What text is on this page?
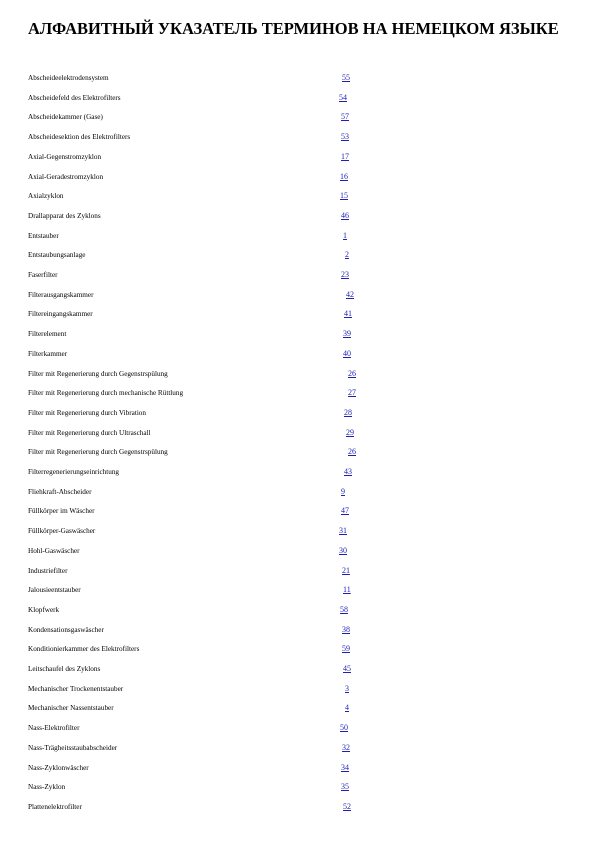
АЛФАВИТНЫЙ УКАЗАТЕЛЬ ТЕРМИНОВ НА НЕМЕЦКОМ ЯЗЫКЕ
Abscheideelektrodensystem	55
Abscheidefeld des Elektrofilters	54
Abscheidekammer (Gase)	57
Abscheidesektion des Elektrofilters	53
Axial-Gegenstromzyklon	17
Axial-Geradestromzyklon	16
Axialzyklon	15
Drallapparat des Zyklons	46
Entstauber	1
Entstaubungsanlage	2
Faserfilter	23
Filterausgangskammer	42
Filtereingangskammer	41
Filterelement	39
Filterkammer	40
Filter mit Regenerierung durch Gegenstrspülung	26
Filter mit Regenerierung durch mechanische Rüttlung	27
Filter mit Regenerierung durch Vibration	28
Filter mit Regenerierung durch Ultraschall	29
Filter mit Regenerierung durch Gegenstrspülung	26
Filterregenerierungseinrichtung	43
Fliehkraft-Abscheider	9
Füllkörper im Wäscher	47
Füllkörper-Gaswäscher	31
Hohl-Gaswäscher	30
Industriefilter	21
Jalousieentstauber	11
Klopfwerk	58
Kondensationsgaswäscher	38
Konditionierkammer des Elektrofilters	59
Leitschaufel des Zyklons	45
Mechanischer Trockenentstauber	3
Mechanischer Nassentstauber	4
Nass-Elektrofilter	50
Nass-Trägheitsstaubabscheider	32
Nass-Zyklonwäscher	34
Nass-Zyklon	35
Plattenelektrofilter	52
